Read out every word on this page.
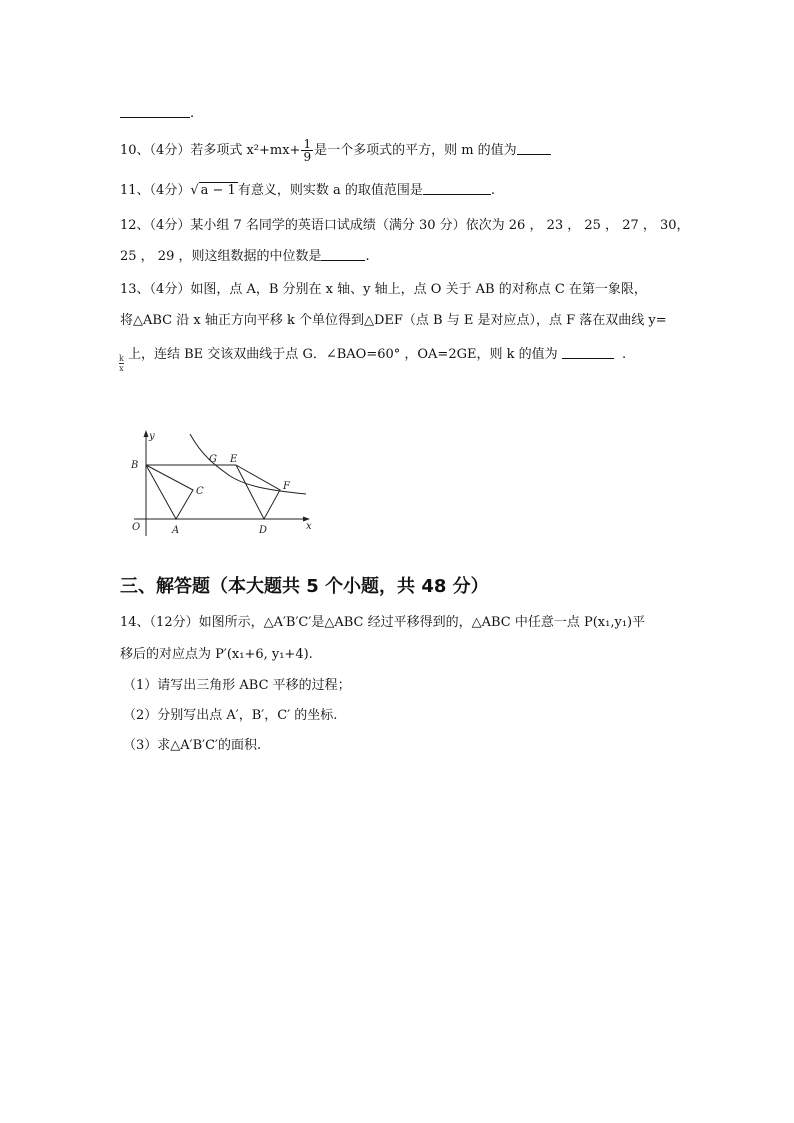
.
10、（4分）若多项式 $x^2+mx+ \frac{1}{9}$ 是一个多项式的平方，则 m 的值为
11、（4分）√ a − 1 有意义，则实数 a 的取值范围是	.
12、（4分）某小组 7 名同学的英语口试成绩（满分 30 分）依次为 26 ， 23 ， 25 ， 27 ， 30，
25 ， 29 ，则这组数据的中位数是	.
13、（4分）如图，点 A，B 分别在 x 轴、y 轴上，点 O 关于 AB 的对称点 C 在第一象限，
将△ABC 沿 x 轴正方向平移 k 个单位得到△DEF（点 B 与 E 是对应点），点 F 落在双曲线 y=
$\frac{k}{x}$ 上，连结 BE 交该双曲线于点 G．∠BAO=60° ，OA=2GE，则 k 的值为	.
y
x
B
G E
C	F
O	A	D
三、解答题（本大题共 5 个小题，共 48 分）
14、（12分）如图所示，△A′B′C′是△ABC 经过平移得到的，△ABC 中任意一点 P(x₁,y₁)平
移后的对应点为 P′(x₁+6, y₁+4).
（1）请写出三角形 ABC 平移的过程；
（2）分别写出点 A′，B′，C′ 的坐标.
（3）求△A′B′C′的面积.
